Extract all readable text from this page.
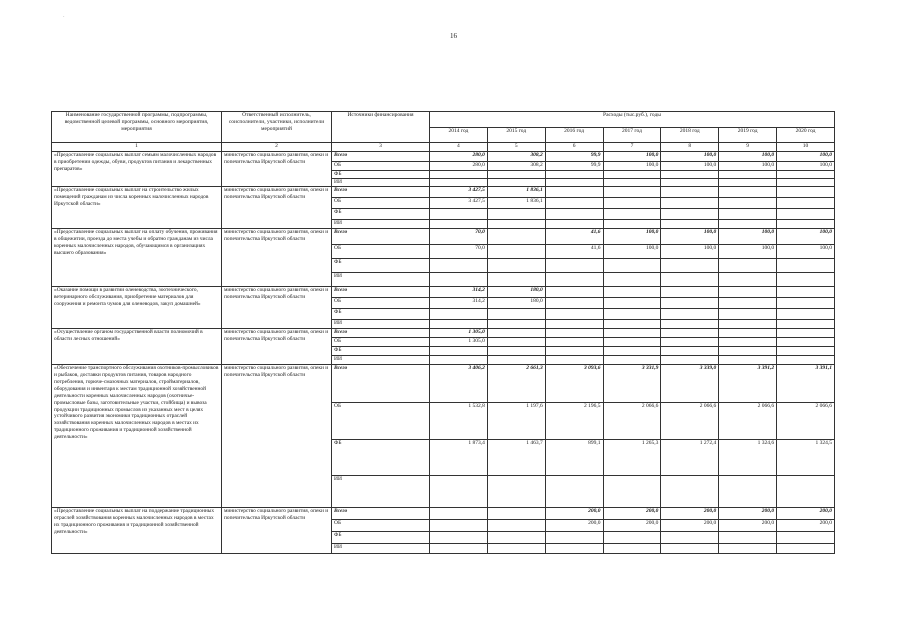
16
·
Наименование государственной программы, подпрограммы, ведомственной целевой программы, основного мероприятия, мероприятия	Ответственный исполнитель, соисполнители, участники, исполнители мероприятий	Источники финансирования	Расходы (тыс.руб.), годы						
			2014 год	2015 год	2016 год	2017 год	2018 год	2019 год	2020 год
1	2	3	4	5	6	7	8	9	10
«Предоставление социальных выплат семьям малочисленных народов в приобретении одежды, обуви, продуктов питания и лекарственных препаратов»	министерство социального развития, опеки и попечительства Иркутской области	Всего	280,0	308,2	99,9	100,0	100,0	100,0	100,0
		ОБ	280,0	308,2	99,9	100,0	100,0	100,0	100,0
		ФБ							
		ИИ							
«Предоставление социальных выплат на строительство жилых помещений гражданам из числа коренных малочисленных народов Иркутской области»	министерство социального развития, опеки и попечительства Иркутской области	Всего	3 427,5	1 836,1					
		ОБ	3 427,5	1 836,1					
		ФБ							
		ИИ							
«Предоставление социальных выплат на оплату обучения, проживания в общежитии, проезда до места учебы и обратно гражданам из числа коренных малочисленных народов, обучающимся в организациях высшего образования»	министерство социального развития, опеки и попечительства Иркутской области	Всего	70,0		41,6	100,0	100,0	100,0	100,0
		ОБ	70,0		41,6	100,0	100,0	100,0	100,0
		ФБ							
		ИИ							
«Оказание помощи в развитии оленеводства, зоотехнического, ветеринарного обслуживания, приобретение материалов для сооружения и ремонта чумов для оленеводов, закуп домашней»	министерство социального развития, опеки и попечительства Иркутской области	Всего	314,2	180,0					
		ОБ	314,2	180,0					
		ФБ							
		ИИ							
«Осуществление органом государственной власти полномочий в области лесных отношений»	министерство социального развития, опеки и попечительства Иркутской области	Всего	1 305,0						
		ОБ	1 305,0						
		ФБ							
		ИИ							
«Обеспечение транспортного обслуживания охотников-промысловиков и рыбаков, доставки продуктов питания, товаров народного потребления, горюче-смазочных материалов, стройматериалов, оборудования и инвентаря к местам традиционной хозяйственной деятельности коренных малочисленных народов (охотничье-промысловые базы, заготовительные участки, стойбища) и вывоза продукции традиционных промыслов из указанных мест в целях устойчивого развития экономики традиционных отраслей хозяйствования коренных малочисленных народов в местах их традиционного проживания и традиционной хозяйственной деятельности»	министерство социального развития, опеки и попечительства Иркутской области	Всего	3 406,2	2 661,3	3 093,6	3 331,9	3 339,0	3 391,2	3 391,1
		ОБ	1 532,8	1 197,6	2 196,5	2 066,6	2 066,6	2 066,6	2 066,6
		ФБ	1 873,4	1 463,7	899,1	1 265,3	1 272,4	1 324,6	1 324,5
		ИИ							
«Предоставление социальных выплат на поддержание традиционных отраслей хозяйствования коренных малочисленных народов в местах их традиционного проживания и традиционной хозяйственной деятельности»	министерство социального развития, опеки и попечительства Иркутской области	Всего			200,0	200,0	200,0	200,0	200,0
		ОБ			200,0	200,0	200,0	200,0	200,0
		ФБ							
		ИИ							
